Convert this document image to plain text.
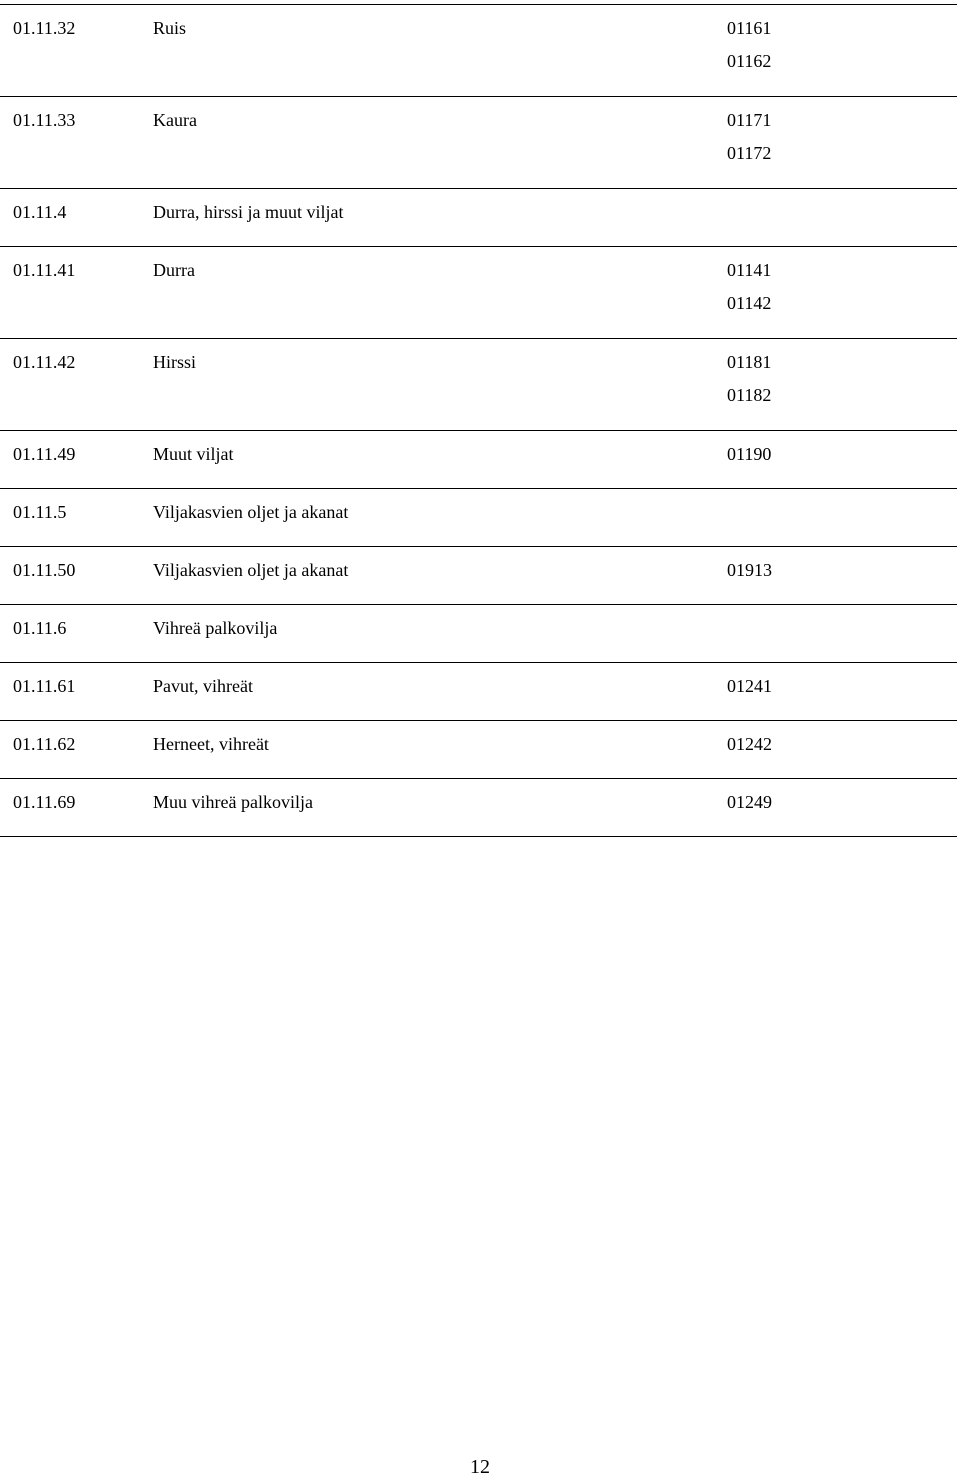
01.11.32	Ruis	01161
01162
01.11.33	Kaura	01171
01172
01.11.4	Durra, hirssi ja muut viljat
01.11.41	Durra	01141
01142
01.11.42	Hirssi	01181
01182
01.11.49	Muut viljat	01190
01.11.5	Viljakasvien oljet ja akanat
01.11.50	Viljakasvien oljet ja akanat	01913
01.11.6	Vihreä palkovilja
01.11.61	Pavut, vihreät	01241
01.11.62	Herneet, vihreät	01242
01.11.69	Muu vihreä palkovilja	01249
12
